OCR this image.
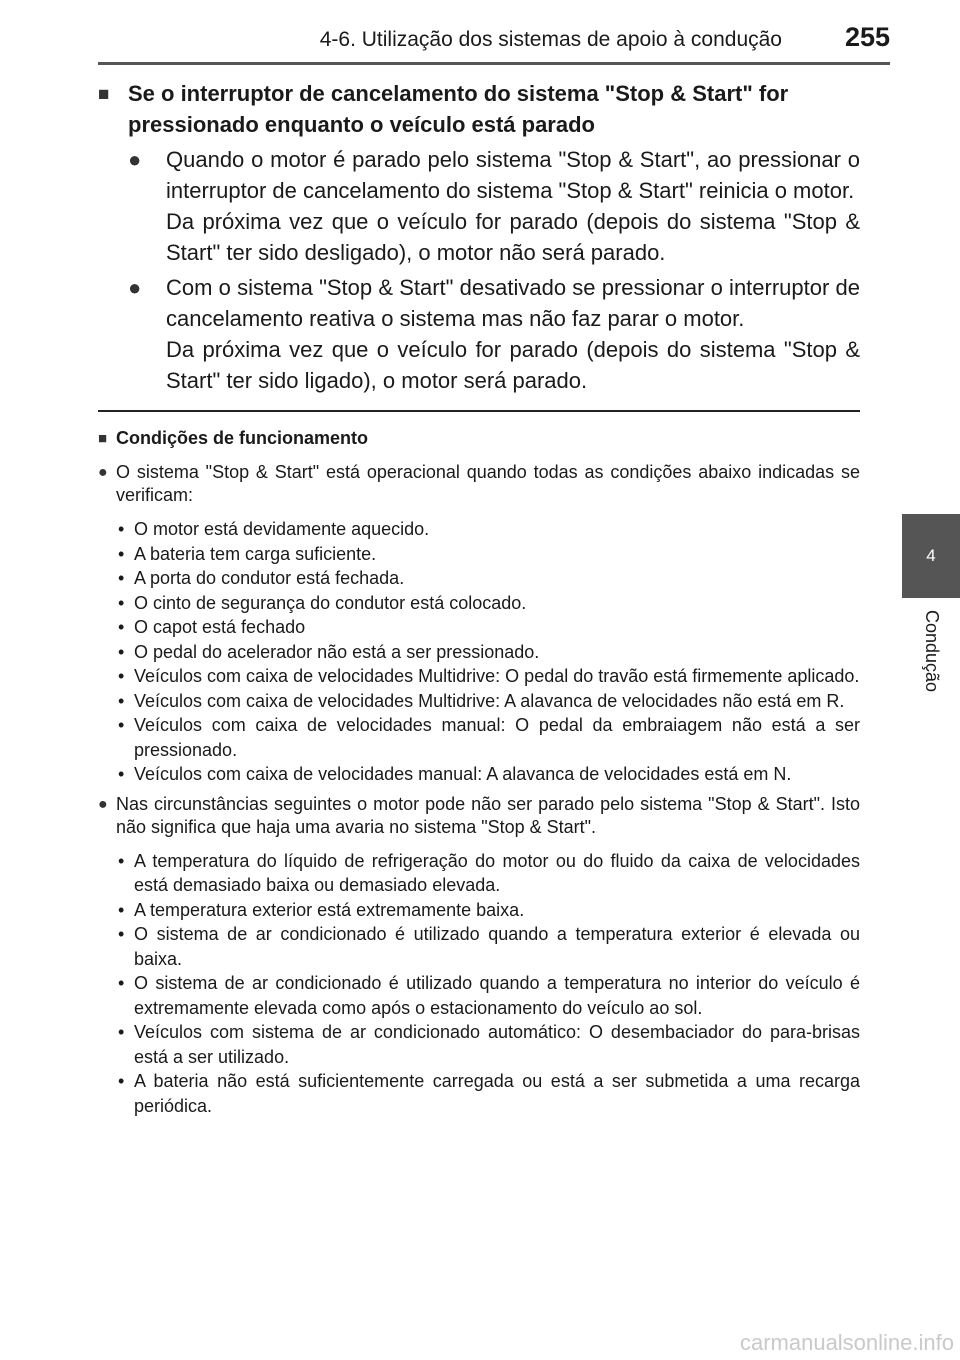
4-6. Utilização dos sistemas de apoio à condução 255
4
Condução
■ Se o interruptor de cancelamento do sistema "Stop & Start" for pressionado enquanto o veículo está parado
●	Quando o motor é parado pelo sistema "Stop & Start", ao pressionar o interruptor de cancelamento do sistema "Stop & Start" reinicia o motor.

Da próxima vez que o veículo for parado (depois do sistema "Stop & Start" ter sido desligado), o motor não será parado.

●	Com o sistema "Stop & Start" desativado se pressionar o interruptor de cancelamento reativa o sistema mas não faz parar o motor.

Da próxima vez que o veículo for parado (depois do sistema "Stop & Start" ter sido ligado), o motor será parado.

■ Condições de funcionamento
● O sistema "Stop & Start" está operacional quando todas as condições abaixo indicadas se verificam:
• O motor está devidamente aquecido.
• A bateria tem carga suficiente.
• A porta do condutor está fechada.
• O cinto de segurança do condutor está colocado.
• O capot está fechado
• O pedal do acelerador não está a ser pressionado.
• Veículos com caixa de velocidades Multidrive: O pedal do travão está firmemente aplicado.
• Veículos com caixa de velocidades Multidrive: A alavanca de velocidades não está em R.
• Veículos com caixa de velocidades manual: O pedal da embraiagem não está a ser pressionado.
• Veículos com caixa de velocidades manual: A alavanca de velocidades está em N.
● Nas circunstâncias seguintes o motor pode não ser parado pelo sistema "Stop & Start". Isto não significa que haja uma avaria no sistema "Stop & Start".
• A temperatura do líquido de refrigeração do motor ou do fluido da caixa de velocidades está demasiado baixa ou demasiado elevada.
• A temperatura exterior está extremamente baixa.
• O sistema de ar condicionado é utilizado quando a temperatura exterior é elevada ou baixa.
• O sistema de ar condicionado é utilizado quando a temperatura no interior do veículo é extremamente elevada como após o estacionamento do veículo ao sol.
• Veículos com sistema de ar condicionado automático: O desembaciador do para-brisas está a ser utilizado.
• A bateria não está suficientemente carregada ou está a ser submetida a uma recarga periódica.
carmanualsonline.info
